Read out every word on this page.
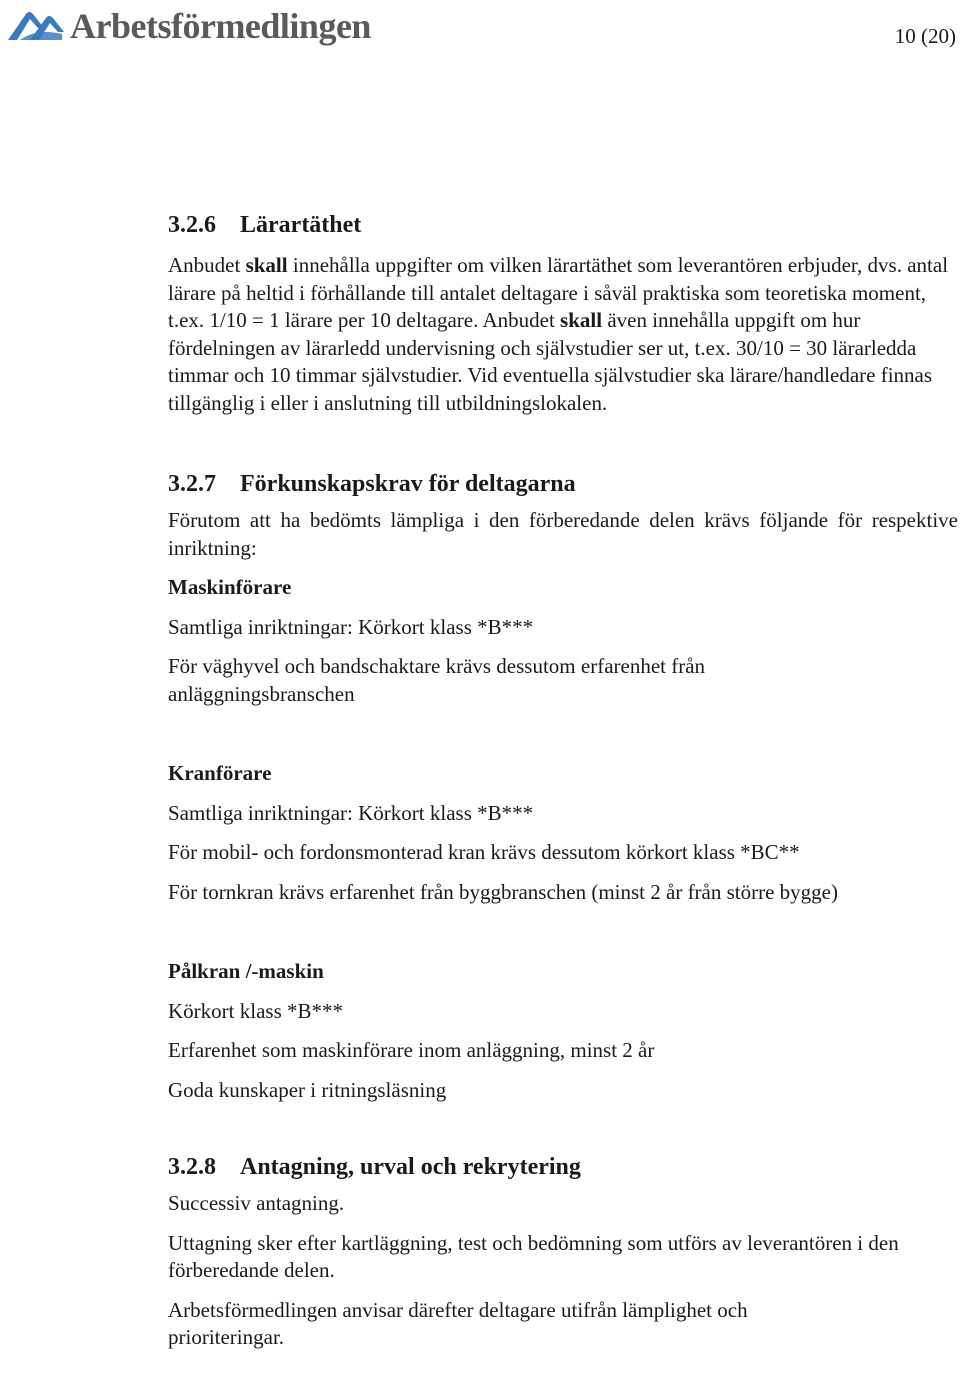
Arbetsförmedlingen	10 (20)
3.2.6 Lärartäthet

Anbudet skall innehålla uppgifter om vilken lärartäthet som leverantören erbjuder, dvs. antal lärare på heltid i förhållande till antalet deltagare i såväl praktiska som teoretiska moment, t.ex. 1/10 = 1 lärare per 10 deltagare. Anbudet skall även innehålla uppgift om hur fördelningen av lärarledd undervisning och självstudier ser ut, t.ex. 30/10 = 30 lärarledda timmar och 10 timmar självstudier. Vid eventuella självstudier ska lärare/handledare finnas tillgänglig i eller i anslutning till utbildningslokalen.

3.2.7 Förkunskapskrav för deltagarna

Förutom att ha bedömts lämpliga i den förberedande delen krävs följande för respektive inriktning:

Maskinförare

Samtliga inriktningar: Körkort klass *B***

För väghyvel och bandschaktare krävs dessutom erfarenhet från anläggningsbranschen

Kranförare

Samtliga inriktningar: Körkort klass *B***

För mobil- och fordonsmonterad kran krävs dessutom körkort klass *BC**

För tornkran krävs erfarenhet från byggbranschen (minst 2 år från större bygge)

Pålkran /-maskin

Körkort klass *B***

Erfarenhet som maskinförare inom anläggning, minst 2 år

Goda kunskaper i ritningsläsning

3.2.8 Antagning, urval och rekrytering

Successiv antagning.

Uttagning sker efter kartläggning, test och bedömning som utförs av leverantören i den förberedande delen.

Arbetsförmedlingen anvisar därefter deltagare utifrån lämplighet och prioriteringar.
